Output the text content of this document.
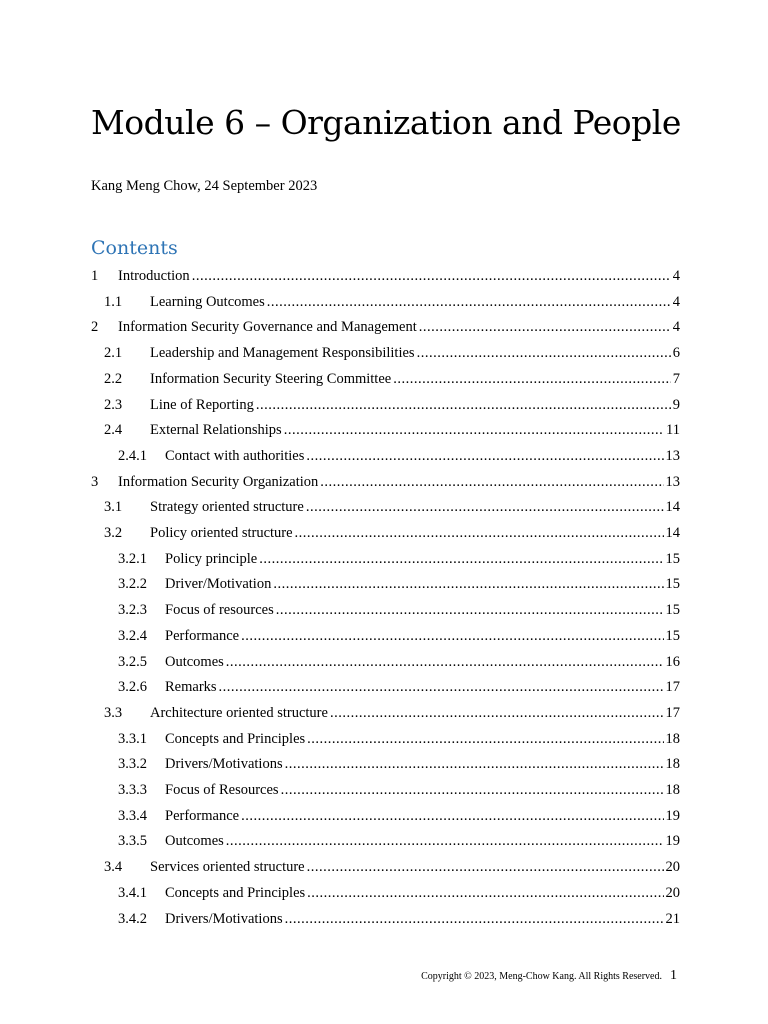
Module 6 – Organization and People
Kang Meng Chow, 24 September 2023
Contents
1	Introduction .....	4
1.1	Learning Outcomes .....	4
2	Information Security Governance and Management .....	4
2.1	Leadership and Management Responsibilities .....	6
2.2	Information Security Steering Committee .....	7
2.3	Line of Reporting .....	9
2.4	External Relationships .....	11
2.4.1	Contact with authorities .....	13
3	Information Security Organization .....	13
3.1	Strategy oriented structure .....	14
3.2	Policy oriented structure .....	14
3.2.1	Policy principle .....	15
3.2.2	Driver/Motivation .....	15
3.2.3	Focus of resources .....	15
3.2.4	Performance .....	15
3.2.5	Outcomes .....	16
3.2.6	Remarks .....	17
3.3	Architecture oriented structure .....	17
3.3.1	Concepts and Principles .....	18
3.3.2	Drivers/Motivations .....	18
3.3.3	Focus of Resources .....	18
3.3.4	Performance .....	19
3.3.5	Outcomes .....	19
3.4	Services oriented structure .....	20
3.4.1	Concepts and Principles .....	20
3.4.2	Drivers/Motivations .....	21
Copyright © 2023, Meng-Chow Kang. All Rights Reserved. 1
